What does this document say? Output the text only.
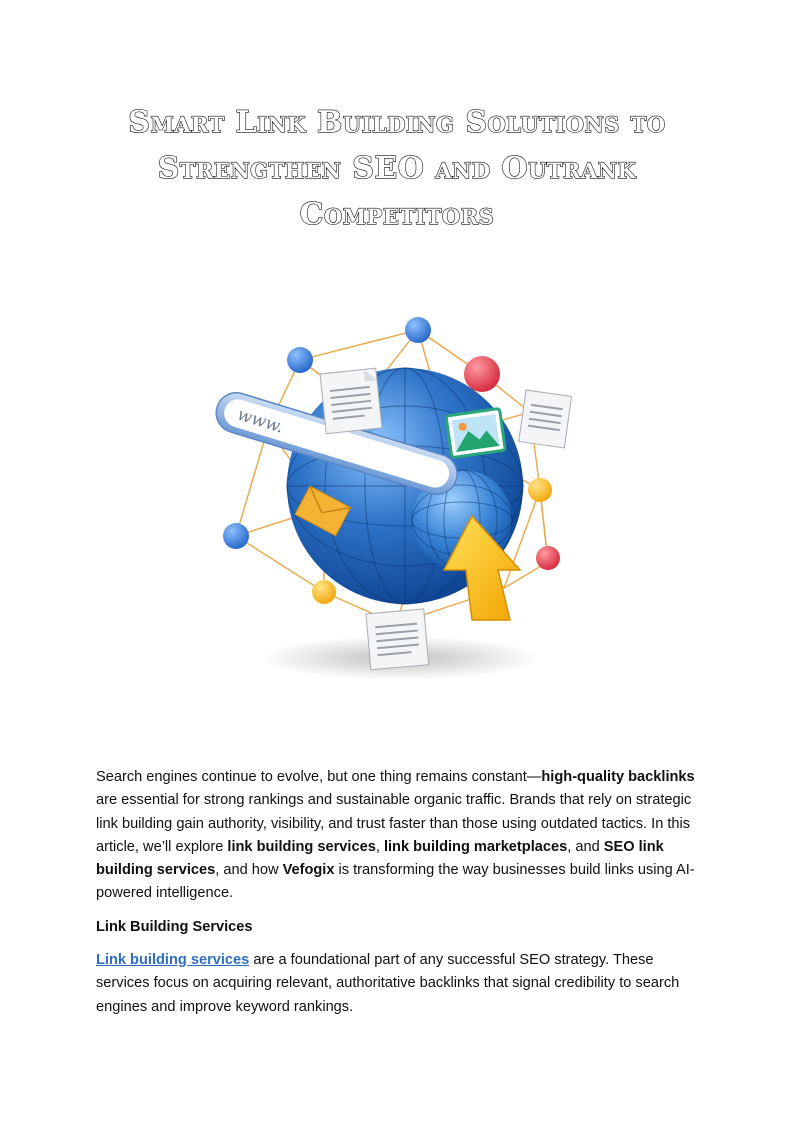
Smart Link Building Solutions to
Strengthen SEO and Outrank
Competitors
www.

Search engines continue to evolve, but one thing remains constant—high-quality backlinks are essential for strong rankings and sustainable organic traffic. Brands that rely on strategic link building gain authority, visibility, and trust faster than those using outdated tactics. In this article, we’ll explore link building services, link building marketplaces, and SEO link building services, and how Vefogix is transforming the way businesses build links using AI-powered intelligence.

Link Building Services

Link building services are a foundational part of any successful SEO strategy. These services focus on acquiring relevant, authoritative backlinks that signal credibility to search engines and improve keyword rankings.
